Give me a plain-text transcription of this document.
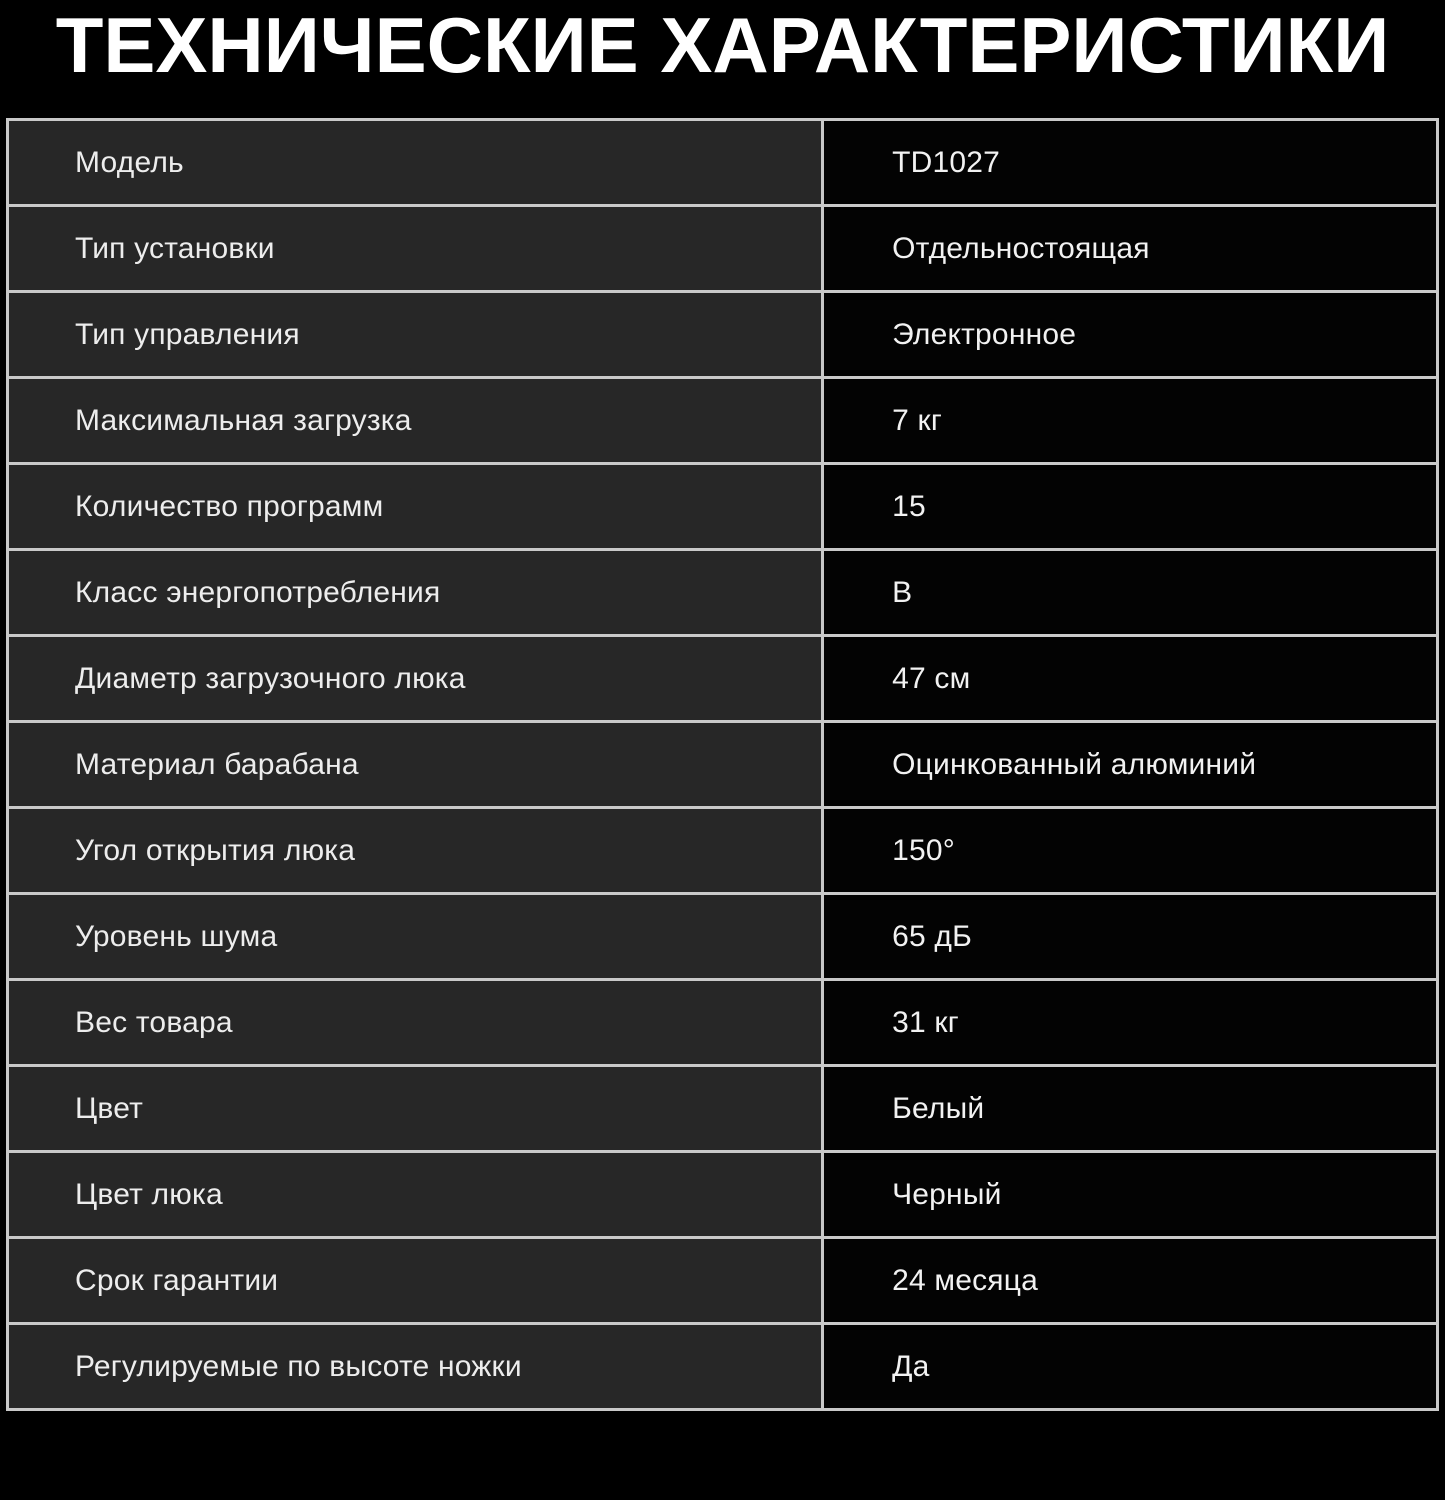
ТЕХНИЧЕСКИЕ ХАРАКТЕРИСТИКИ
Модель	TD1027
Тип установки	Отдельностоящая
Тип управления	Электронное
Максимальная загрузка	7 кг
Количество программ	15
Класс энергопотребления	B
Диаметр загрузочного люка	47 см
Материал барабана	Оцинкованный алюминий
Угол открытия люка	150°
Уровень шума	65 дБ
Вес товара	31 кг
Цвет	Белый
Цвет люка	Черный
Срок гарантии	24 месяца
Регулируемые по высоте ножки	Да
